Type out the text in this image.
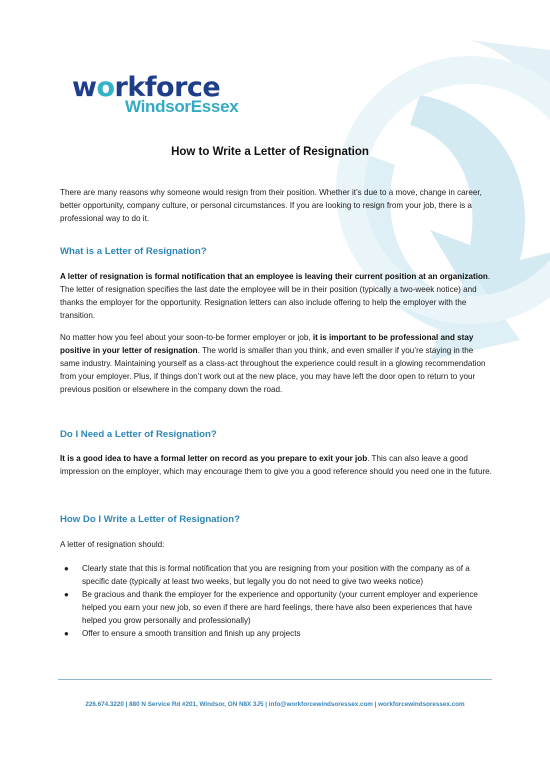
workforce
WindsorEssex
How to Write a Letter of Resignation
There are many reasons why someone would resign from their position. Whether it’s due to a move, change in career, better opportunity, company culture, or personal circumstances. If you are looking to resign from your job, there is a professional way to do it.
What is a Letter of Resignation?
A letter of resignation is formal notification that an employee is leaving their current position at an organization. The letter of resignation specifies the last date the employee will be in their position (typically a two-week notice) and thanks the employer for the opportunity. Resignation letters can also include offering to help the employer with the transition.
No matter how you feel about your soon-to-be former employer or job, it is important to be professional and stay positive in your letter of resignation. The world is smaller than you think, and even smaller if you’re staying in the same industry. Maintaining yourself as a class-act throughout the experience could result in a glowing recommendation from your employer. Plus, if things don’t work out at the new place, you may have left the door open to return to your previous position or elsewhere in the company down the road.
Do I Need a Letter of Resignation?
It is a good idea to have a formal letter on record as you prepare to exit your job. This can also leave a good impression on the employer, which may encourage them to give you a good reference should you need one in the future.
How Do I Write a Letter of Resignation?
A letter of resignation should:
● Clearly state that this is formal notification that you are resigning from your position with the company as of a specific date (typically at least two weeks, but legally you do not need to give two weeks notice)
● Be gracious and thank the employer for the experience and opportunity (your current employer and experience helped you earn your new job, so even if there are hard feelings, there have also been experiences that have helped you grow personally and professionally)
● Offer to ensure a smooth transition and finish up any projects
226.674.3220 | 880 N Service Rd #201, Windsor, ON N8X 3J5 | info@workforcewindsoressex.com | workforcewindsoressex.com
